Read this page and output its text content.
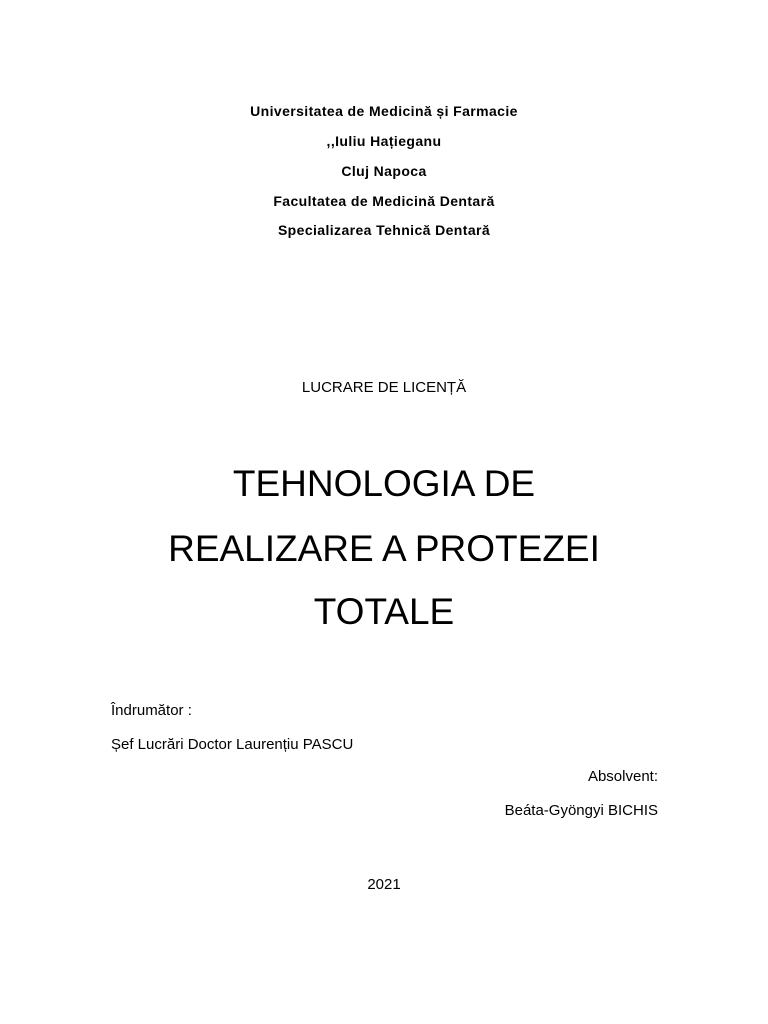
Universitatea de Medicină și Farmacie
,,Iuliu Hațieganu
Cluj Napoca
Facultatea de Medicină Dentară
Specializarea Tehnică Dentară
LUCRARE DE LICENȚĂ
TEHNOLOGIA DE
REALIZARE A PROTEZEI
TOTALE
Îndrumător :
Șef Lucrări Doctor Laurențiu PASCU
Absolvent:
Beáta-Gyöngyi BICHIS
2021
